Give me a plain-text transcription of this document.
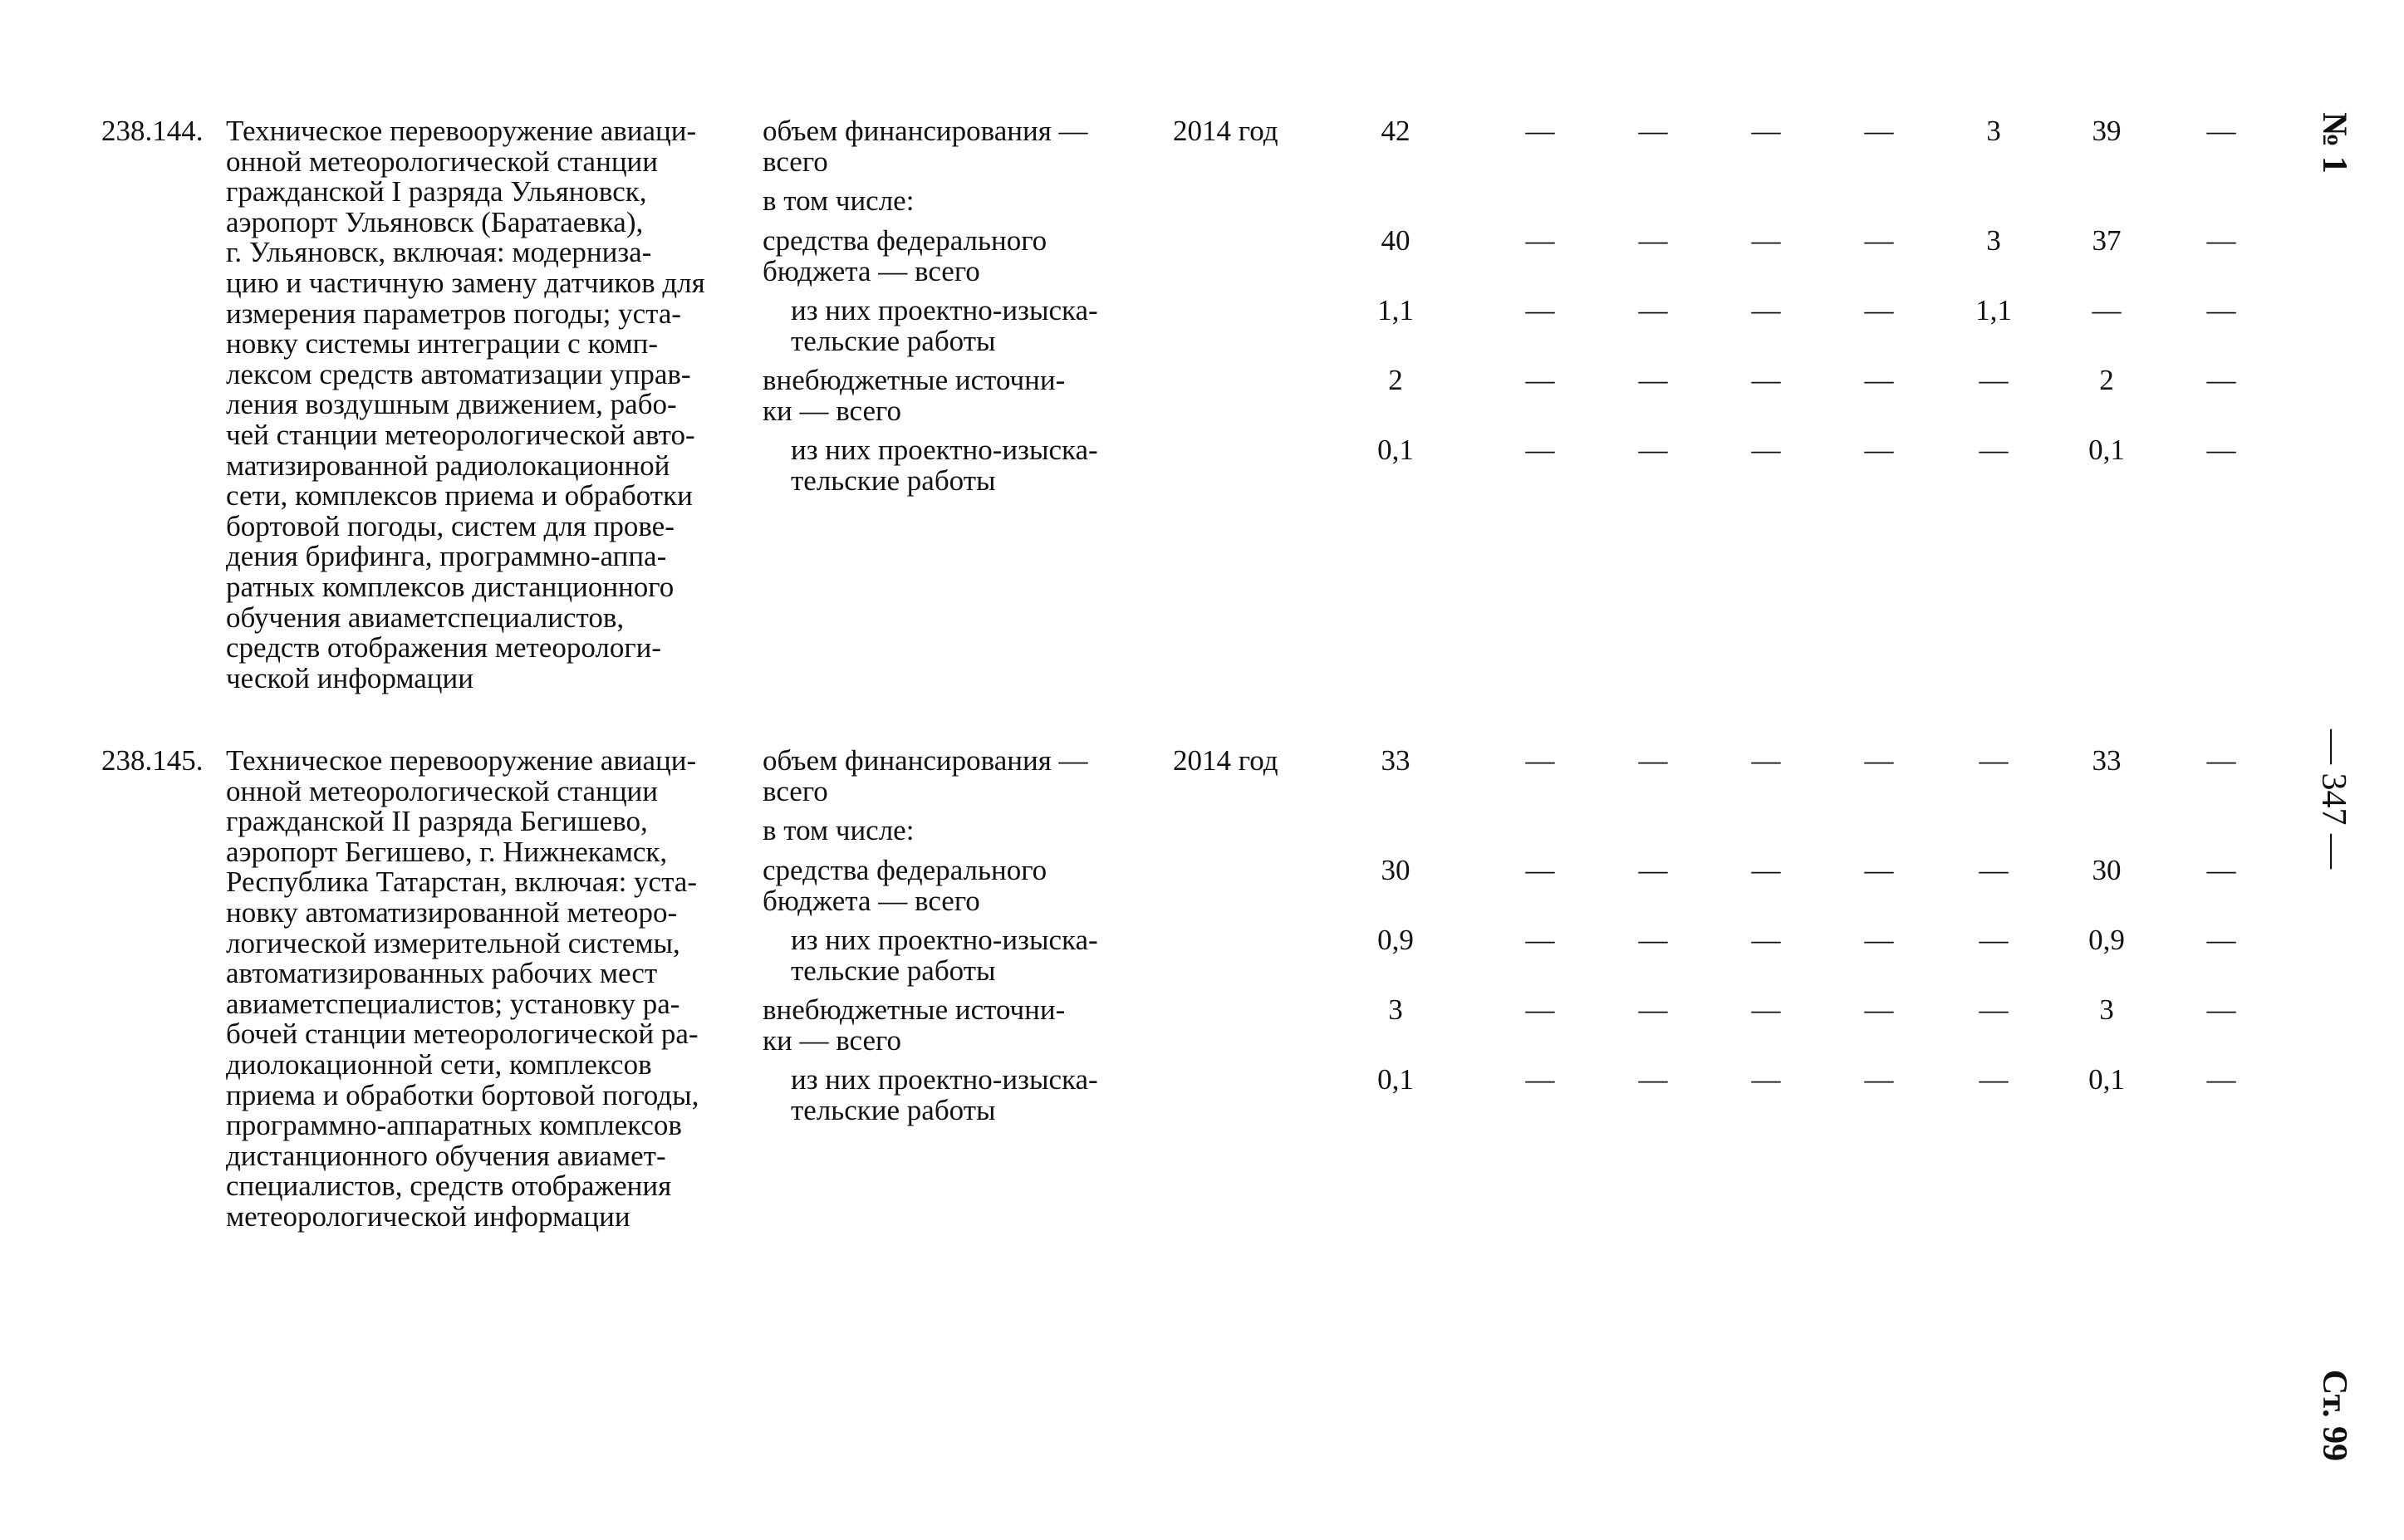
238.144. Техническое перевооружение авиаци-
онной метеорологической станции
гражданской I разряда Ульяновск,
аэропорт Ульяновск (Баратаевка),
г. Ульяновск, включая: модерниза-
цию и частичную замену датчиков для
измерения параметров погоды; уста-
новку системы интеграции с комп-
лексом средств автоматизации управ-
ления воздушным движением, рабо-
чей станции метеорологической авто-
матизированной радиолокационной
сети, комплексов приема и обработки
бортовой погоды, систем для прове-
дения брифинга, программно-аппа-
ратных комплексов дистанционного
обучения авиаметспециалистов,
средств отображения метеорологи-
ческой информации
объем финансирования —
всего
2014 год	42	—	—	—	—	3	39	—
в том числе:
средства федерального
бюджета — всего
40	—	—	—	—	3	37	—
из них проектно-изыска-
тельские работы
1,1	—	—	—	—	1,1	—	—
внебюджетные источни-
ки — всего
2	—	—	—	—	—	2	—
из них проектно-изыска-
тельские работы
0,1	—	—	—	—	—	0,1	—
238.145. Техническое перевооружение авиаци-
онной метеорологической станции
гражданской II разряда Бегишево,
аэропорт Бегишево, г. Нижнекамск,
Республика Татарстан, включая: уста-
новку автоматизированной метеоро-
логической измерительной системы,
автоматизированных рабочих мест
авиаметспециалистов; установку ра-
бочей станции метеорологической ра-
диолокационной сети, комплексов
приема и обработки бортовой погоды,
программно-аппаратных комплексов
дистанционного обучения авиамет-
специалистов, средств отображения
метеорологической информации
объем финансирования —
всего
2014 год	33	—	—	—	—	—	33	—
в том числе:
средства федерального
бюджета — всего
30	—	—	—	—	—	30	—
из них проектно-изыска-
тельские работы
0,9	—	—	—	—	—	0,9	—
внебюджетные источни-
ки — всего
3	—	—	—	—	—	3	—
из них проектно-изыска-
тельские работы
0,1	—	—	—	—	—	0,1	—
№ 1
— 347 —
Ст. 99
